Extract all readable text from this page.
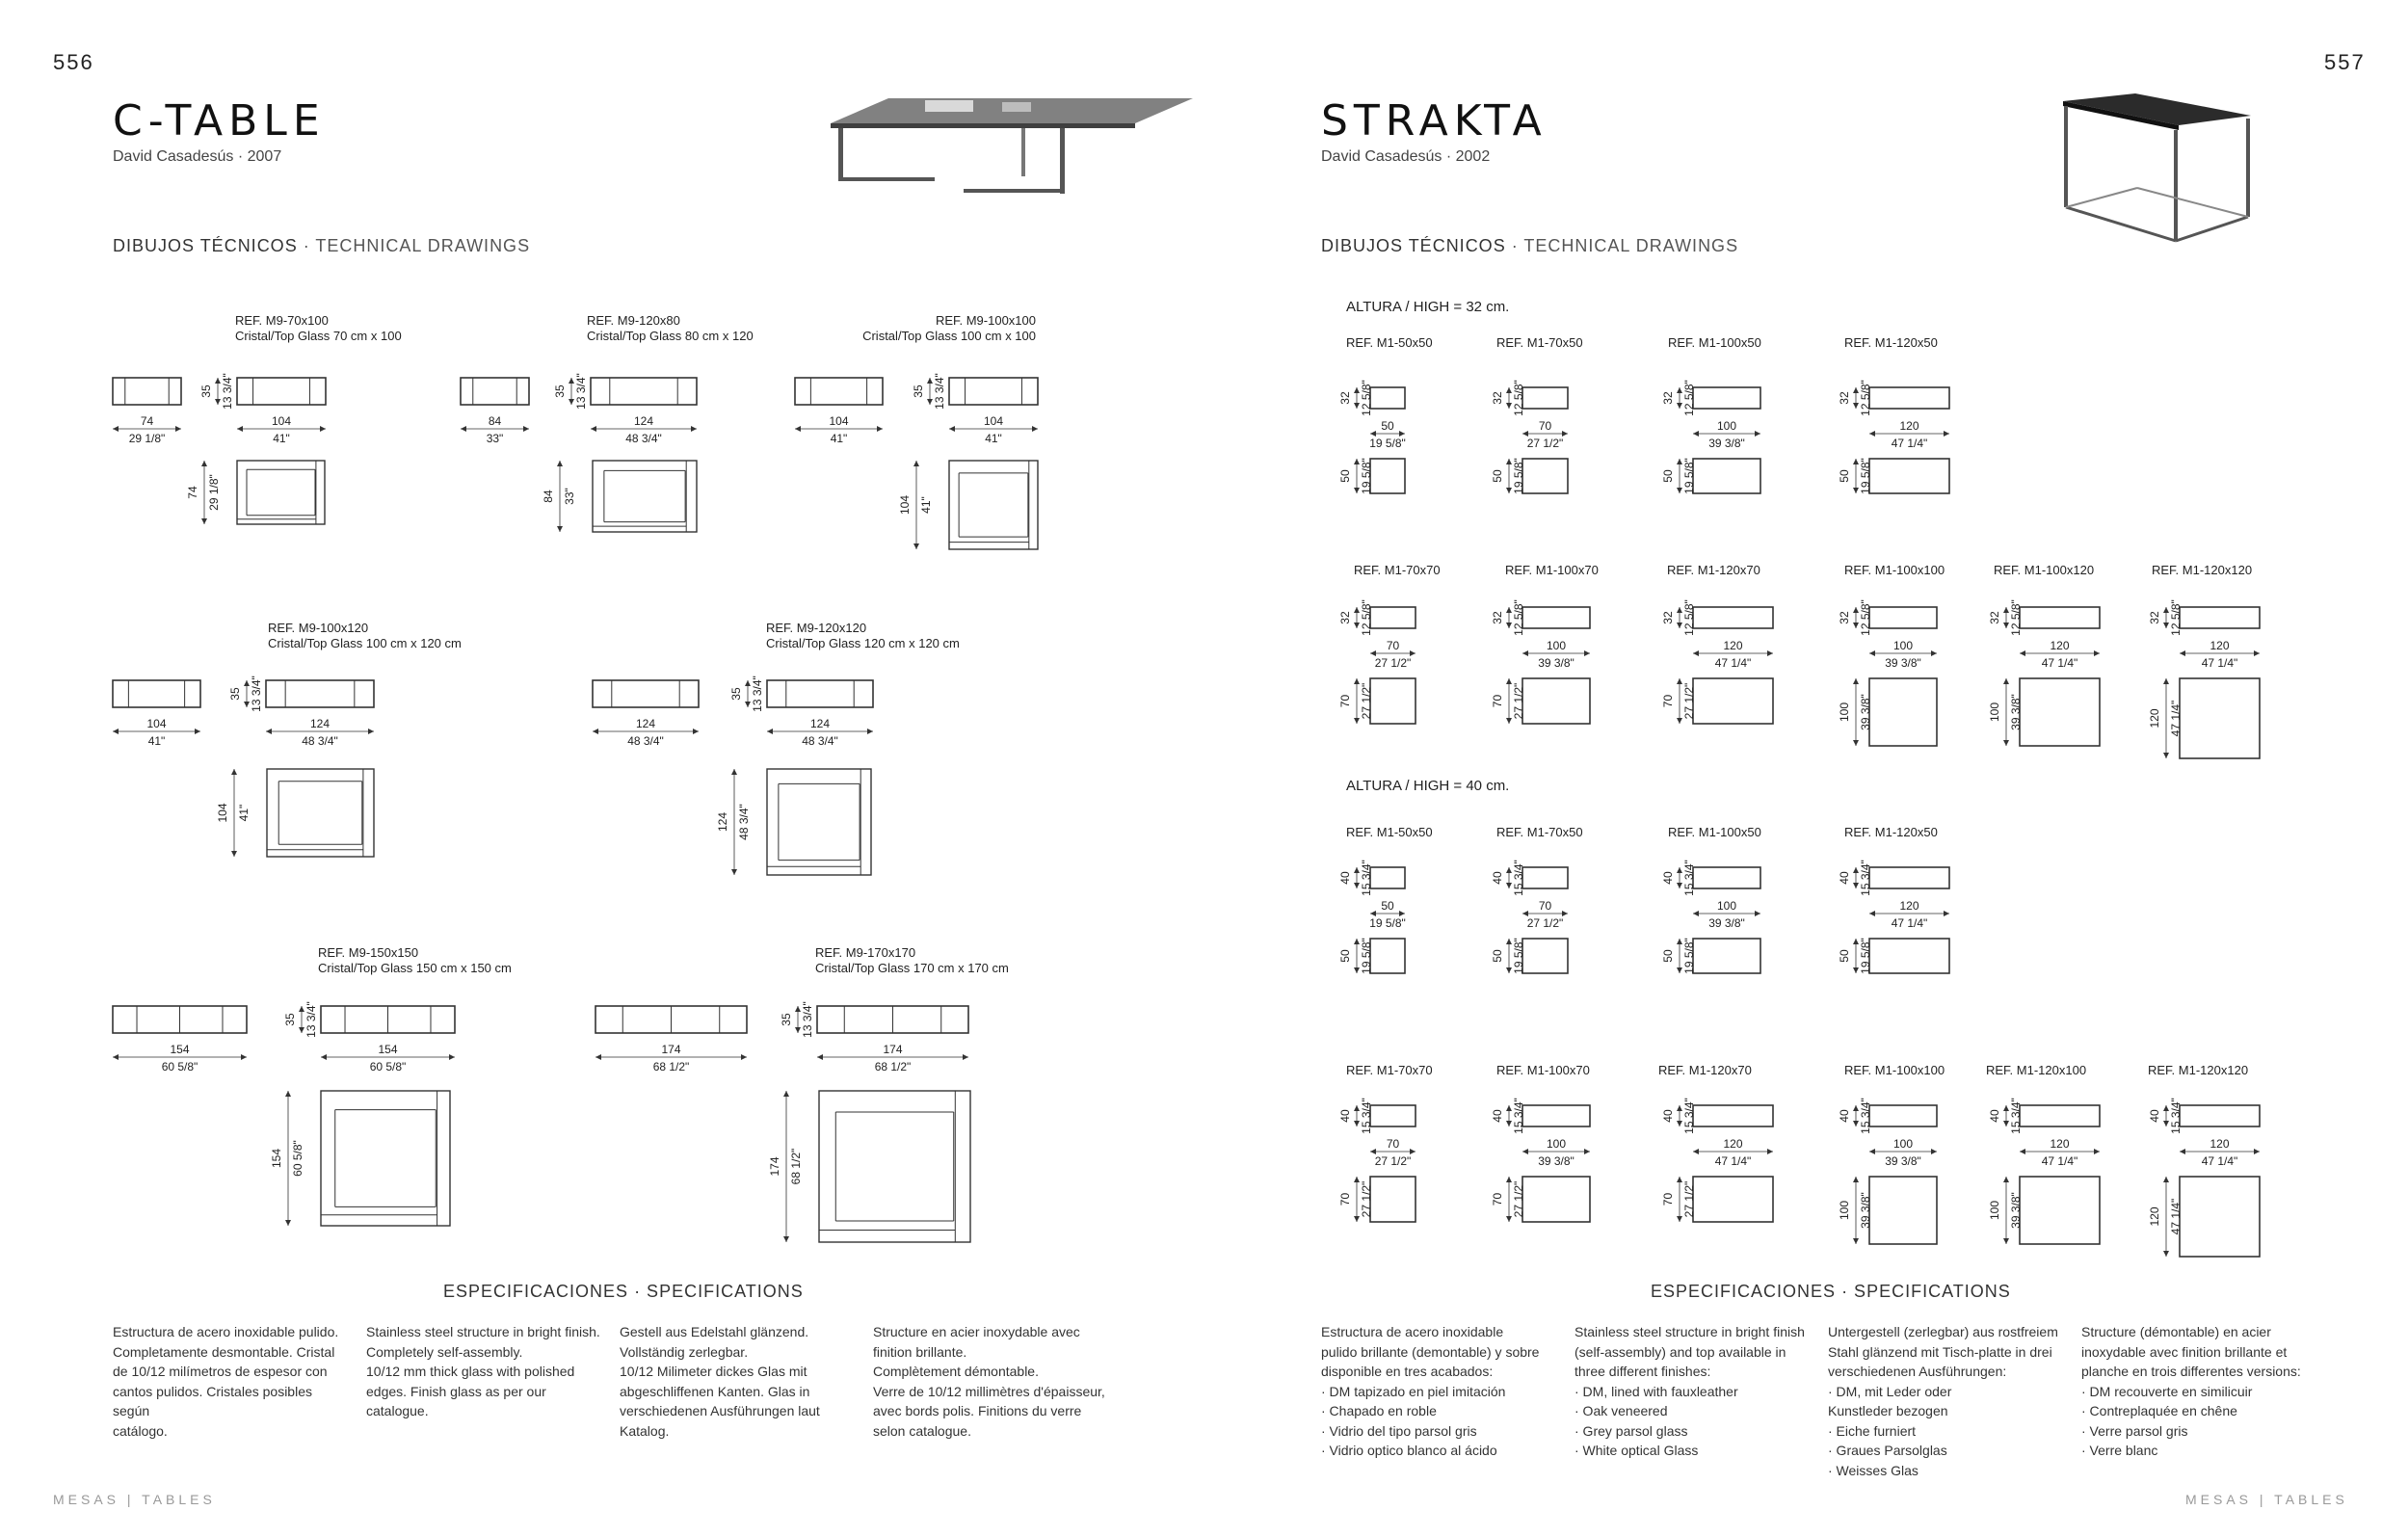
556	557
C-TABLE
David Casadesús · 2007
DIBUJOS TÉCNICOS · TECHNICAL DRAWINGS
STRAKTA
David Casadesús · 2002
DIBUJOS TÉCNICOS · TECHNICAL DRAWINGS
REF. M9-70x100
Cristal/Top Glass 70 cm x 100
74
29 1/8"
35 13 3/4"
104
41"
74 29 1/8"
REF. M9-120x80
Cristal/Top Glass 80 cm x 120
84
33"
35 13 3/4"
124
48 3/4"
84 33"
REF. M9-100x100
Cristal/Top Glass 100 cm x 100
104
41"
35 13 3/4"
104
41"
104 41"
REF. M9-100x120
Cristal/Top Glass 100 cm x 120 cm
104
41"
35 13 3/4"
124
48 3/4"
104 41"
REF. M9-120x120
Cristal/Top Glass 120 cm x 120 cm
124
48 3/4"
35 13 3/4"
124
48 3/4"
124 48 3/4"
REF. M9-150x150
Cristal/Top Glass 150 cm x 150 cm
154
60 5/8"
35 13 3/4"
154
60 5/8"
154 60 5/8"
REF. M9-170x170
Cristal/Top Glass 170 cm x 170 cm
174
68 1/2"
35 13 3/4"
174
68 1/2"
174 68 1/2"
ALTURA / HIGH = 32 cm.
ALTURA / HIGH = 40 cm.
REF. M1-50x50
32 12 5/8"
50
19 5/8"
50 19 5/8"
REF. M1-70x50
32 12 5/8"
70
27 1/2"
50 19 5/8"
REF. M1-100x50
32 12 5/8"
100
39 3/8"
50 19 5/8"
REF. M1-120x50
32 12 5/8"
120
47 1/4"
50 19 5/8"
REF. M1-70x70
32 12 5/8"
70
27 1/2"
70 27 1/2"
REF. M1-100x70
32 12 5/8"
100
39 3/8"
70 27 1/2"
REF. M1-120x70
32 12 5/8"
120
47 1/4"
70 27 1/2"
REF. M1-100x100
32 12 5/8"
100
39 3/8"
100 39 3/8"
REF. M1-100x120
32 12 5/8"
120
47 1/4"
100 39 3/8"
REF. M1-120x120
32 12 5/8"
120
47 1/4"
120 47 1/4"
REF. M1-50x50
40 15 3/4"
50
19 5/8"
50 19 5/8"
REF. M1-70x50
40 15 3/4"
70
27 1/2"
50 19 5/8"
REF. M1-100x50
40 15 3/4"
100
39 3/8"
50 19 5/8"
REF. M1-120x50
40 15 3/4"
120
47 1/4"
50 19 5/8"
REF. M1-70x70
40 15 3/4"
70
27 1/2"
70 27 1/2"
REF. M1-100x70
40 15 3/4"
100
39 3/8"
70 27 1/2"
REF. M1-120x70
40 15 3/4"
120
47 1/4"
70 27 1/2"
REF. M1-100x100
40 15 3/4"
100
39 3/8"
100 39 3/8"
REF. M1-120x100
40 15 3/4"
120
47 1/4"
100 39 3/8"
REF. M1-120x120
40 15 3/4"
120
47 1/4"
120 47 1/4"
ESPECIFICACIONES · SPECIFICATIONS	ESPECIFICACIONES · SPECIFICATIONS
Estructura de acero inoxidable pulido.
Completamente desmontable. Cristal
de 10/12 milímetros de espesor con
cantos pulidos. Cristales posibles según
catálogo.
Stainless steel structure in bright finish.
Completely self-assembly.
10/12 mm thick glass with polished
edges. Finish glass as per our catalogue.
Gestell aus Edelstahl glänzend.
Vollständig zerlegbar.
10/12 Milimeter dickes Glas mit
abgeschliffenen Kanten. Glas in
verschiedenen Ausführungen laut
Katalog.
Structure en acier inoxydable avec
finition brillante.
Complètement démontable.
Verre de 10/12 millimètres d'épaisseur,
avec bords polis. Finitions du verre
selon catalogue.
Estructura de acero inoxidable
pulido brillante (demontable) y sobre
disponible en tres acabados:
· DM tapizado en piel imitación
· Chapado en roble
· Vidrio del tipo parsol gris
· Vidrio optico blanco al ácido
Stainless steel structure in bright finish
(self-assembly) and top available in
three different finishes:
· DM, lined with fauxleather
· Oak veneered
· Grey parsol glass
· White optical Glass
Untergestell (zerlegbar) aus rostfreiem
Stahl glänzend mit Tisch-platte in drei
verschiedenen Ausführungen:
· DM, mit Leder oder
Kunstleder bezogen
· Eiche furniert
· Graues Parsolglas
· Weisses Glas
Structure (démontable) en acier
inoxydable avec finition brillante et
planche en trois differentes versions:
· DM recouverte en similicuir
· Contreplaquée en chêne
· Verre parsol gris
· Verre blanc
MESAS | TABLES	MESAS | TABLES
